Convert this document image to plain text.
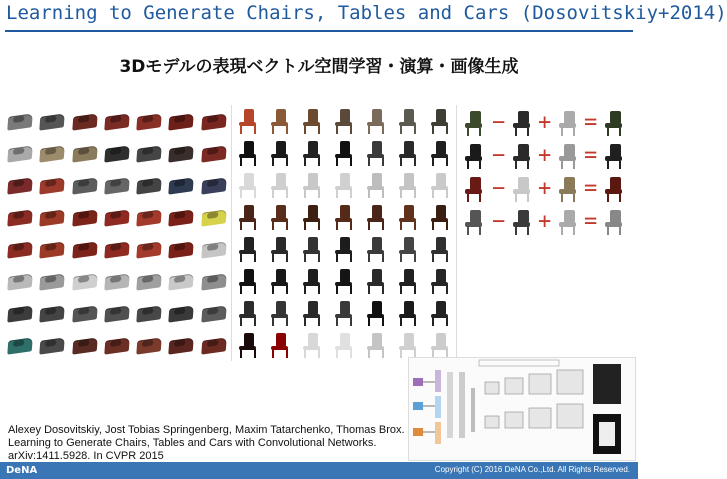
Learning to Generate Chairs, Tables and Cars (Dosovitskiy+2014)
3Dモデルの表現ベクトル空間学習・演算・画像生成
− + =
− + =
− + =
− + =
Alexey Dosovitskiy, Jost Tobias Springenberg, Maxim Tatarchenko, Thomas Brox.
Learning to Generate Chairs, Tables and Cars with Convolutional Networks.
arXiv:1411.5928. In CVPR 2015
DeNA	Copyright (C) 2016 DeNA Co.,Ltd. All Rights Reserved.
